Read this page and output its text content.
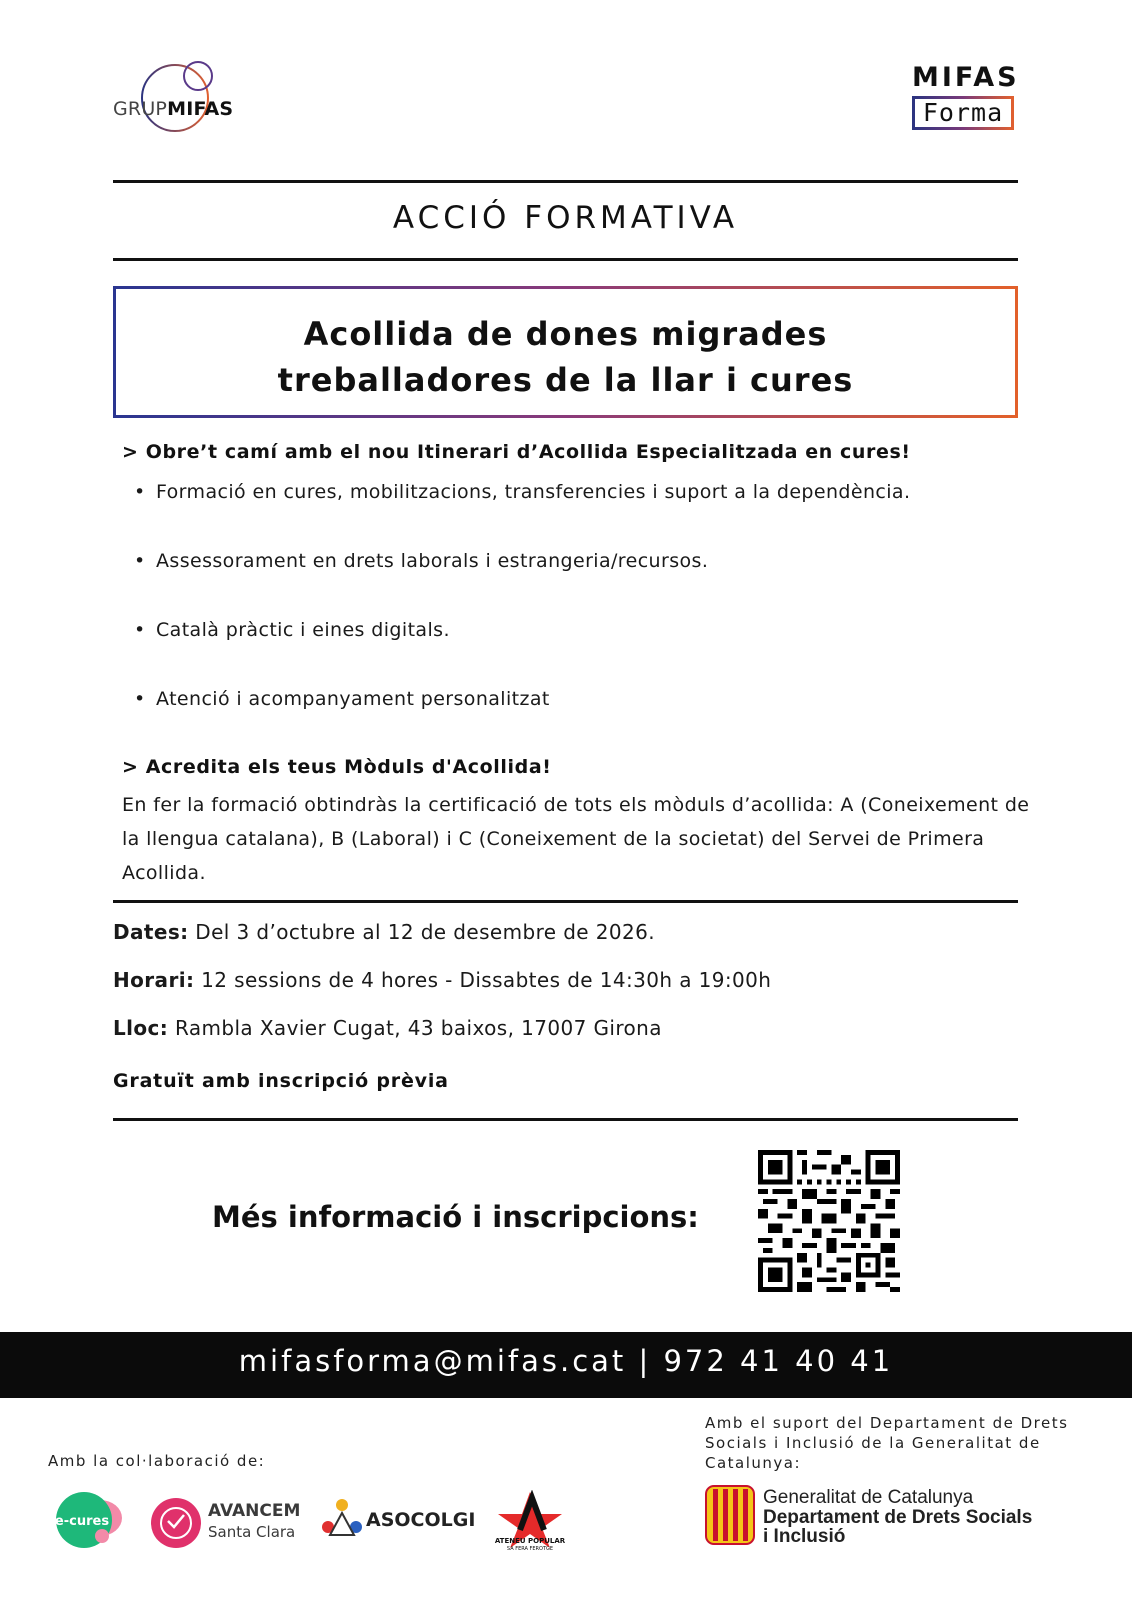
GRUPMIFAS
MIFAS
Forma
ACCIÓ FORMATIVA
Acollida de dones migrades
treballadores de la llar i cures
> Obre’t camí amb el nou Itinerari d’Acollida Especialitzada en cures!
• Formació en cures, mobilitzacions, transferencies i suport a la dependència.
• Assessorament en drets laborals i estrangeria/recursos.
• Català pràctic i eines digitals.
• Atenció i acompanyament personalitzat
> Acredita els teus Mòduls d'Acollida!
En fer la formació obtindràs la certificació de tots els mòduls d’acollida: A (Coneixement de la llengua catalana), B (Laboral) i C (Coneixement de la societat) del Servei de Primera Acollida.
Dates: Del 3 d’octubre al 12 de desembre de 2026.
Horari: 12 sessions de 4 hores - Dissabtes de 14:30h a 19:00h
Lloc: Rambla Xavier Cugat, 43 baixos, 17007 Girona
Gratuït amb inscripció prèvia
Més informació i inscripcions:
mifasforma@mifas.cat | 972 41 40 41
Amb la col·laboració de:
Amb el suport del Departament de Drets Socials i Inclusió de la Generalitat de Catalunya:
e-cures
AVANCEM
Santa Clara
ASOCOLGI
ATENEU POPULAR
SA FERA FEROTGE
Generalitat de Catalunya
Departament de Drets Socials
i Inclusió
